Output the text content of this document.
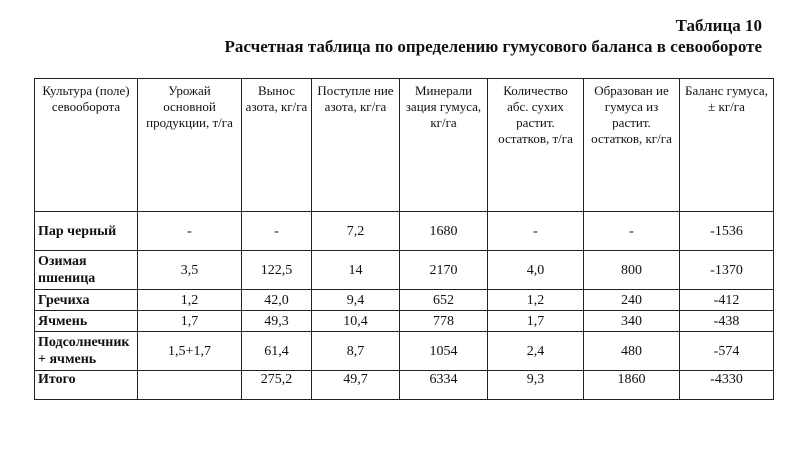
Таблица 10
Расчетная таблица по определению гумусового баланса в севообороте
Культура (поле) севооборота	Урожай основной продукции, т/га	Вынос азота, кг/га	Поступле ние азота, кг/га	Минерали зация гумуса, кг/га	Количество абс. сухих растит. остатков, т/га	Образован ие гумуса из растит. остатков, кг/га	Баланс гумуса, ± кг/га
Пар черный	-	-	7,2	1680	-	-	-1536
Озимая пшеница	3,5	122,5	14	2170	4,0	800	-1370
Гречиха	1,2	42,0	9,4	652	1,2	240	-412
Ячмень	1,7	49,3	10,4	778	1,7	340	-438
Подсолнечник + ячмень	1,5+1,7	61,4	8,7	1054	2,4	480	-574
Итого		275,2	49,7	6334	9,3	1860	-4330
